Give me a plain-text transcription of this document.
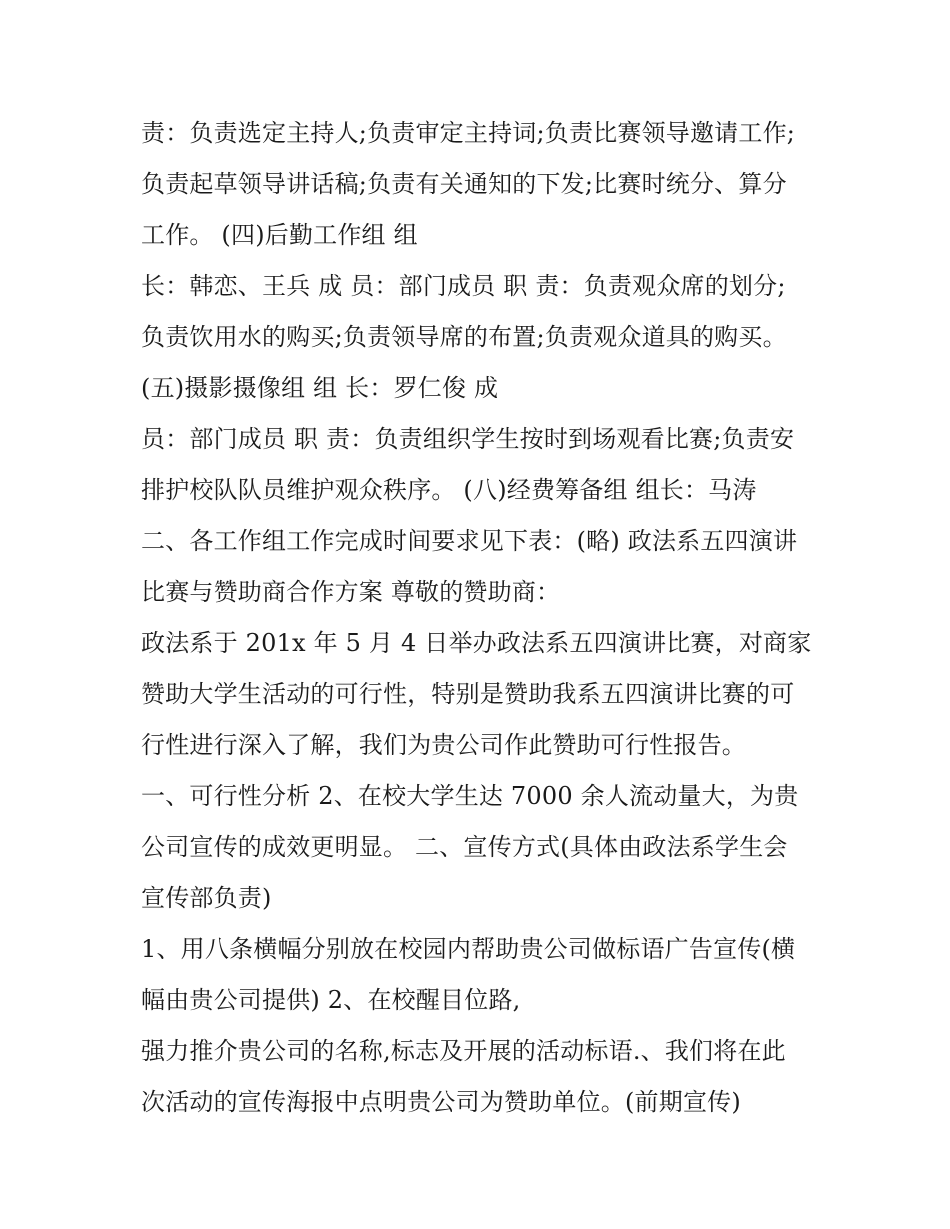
责：负责选定主持人;负责审定主持词;负责比赛领导邀请工作;
负责起草领导讲话稿;负责有关通知的下发;比赛时统分、算分
工作。 (四)后勤工作组 组
长：韩恋、王兵 成 员：部门成员 职 责：负责观众席的划分;
负责饮用水的购买;负责领导席的布置;负责观众道具的购买。
(五)摄影摄像组 组 长：罗仁俊 成
员：部门成员 职 责：负责组织学生按时到场观看比赛;负责安
排护校队队员维护观众秩序。 (八)经费筹备组 组长：马涛
二、各工作组工作完成时间要求见下表：(略) 政法系五四演讲
比赛与赞助商合作方案 尊敬的赞助商：
政法系于 201x 年 5 月 4 日举办政法系五四演讲比赛，对商家
赞助大学生活动的可行性，特别是赞助我系五四演讲比赛的可
行性进行深入了解，我们为贵公司作此赞助可行性报告。
一、可行性分析 2、在校大学生达 7000 余人流动量大，为贵
公司宣传的成效更明显。 二、宣传方式(具体由政法系学生会
宣传部负责)
1、用八条横幅分别放在校园内帮助贵公司做标语广告宣传(横
幅由贵公司提供) 2、在校醒目位路,
强力推介贵公司的名称,标志及开展的活动标语.、我们将在此
次活动的宣传海报中点明贵公司为赞助单位。(前期宣传)
